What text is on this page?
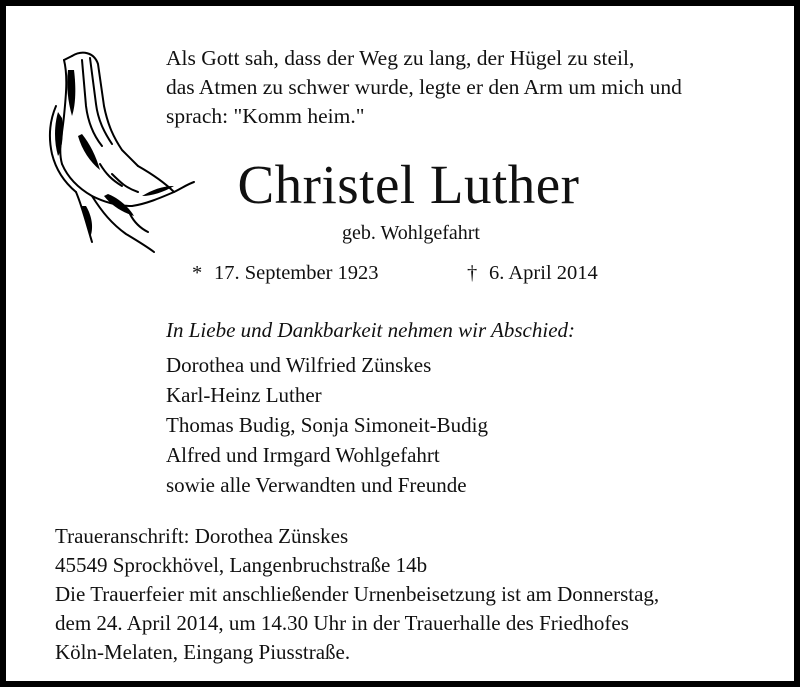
Als Gott sah, dass der Weg zu lang, der Hügel zu steil,
das Atmen zu schwer wurde, legte er den Arm um mich und
sprach: "Komm heim."
Christel Luther
geb. Wohlgefahrt
* 17. September 1923	† 6. April 2014
In Liebe und Dankbarkeit nehmen wir Abschied:
Dorothea und Wilfried Zünskes
Karl-Heinz Luther
Thomas Budig, Sonja Simoneit-Budig
Alfred und Irmgard Wohlgefahrt
sowie alle Verwandten und Freunde
Traueranschrift: Dorothea Zünskes
45549 Sprockhövel, Langenbruchstraße 14b
Die Trauerfeier mit anschließender Urnenbeisetzung ist am Donnerstag,
dem 24. April 2014, um 14.30 Uhr in der Trauerhalle des Friedhofes
Köln-Melaten, Eingang Piusstraße.
